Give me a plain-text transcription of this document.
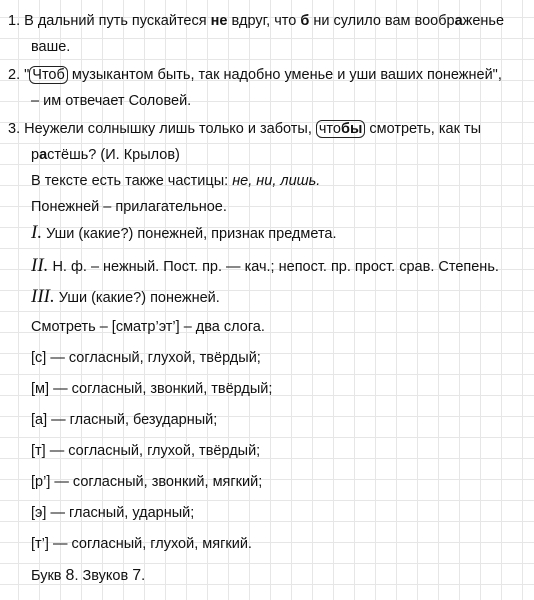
1. В дальний путь пускайтеся не вдруг, что б ни сулило вам воображенье
ваше.
2. " Чтоб музыкантом быть, так надобно уменье и уши ваших понежней",
– им отвечает Соловей.
3. Неужели солнышку лишь только и заботы, чтобы смотреть, как ты
растёшь? (И. Крылов)
В тексте есть также частицы: не, ни, лишь.
Понежней – прилагательное.
I. Уши (какие?) понежней, признак предмета.
II. Н. ф. – нежный. Пост. пр. — кач.; непост. пр. прост. срав. Степень.
III. Уши (какие?) понежней.
Смотреть – [сматр’эт’] – два слога.
[с] — согласный, глухой, твёрдый;
[м] — согласный, звонкий, твёрдый;
[а] — гласный, безударный;
[т] — согласный, глухой, твёрдый;
[р’] — согласный, звонкий, мягкий;
[э] — гласный, ударный;
[т’] — согласный, глухой, мягкий.
Букв 8. Звуков 7.
